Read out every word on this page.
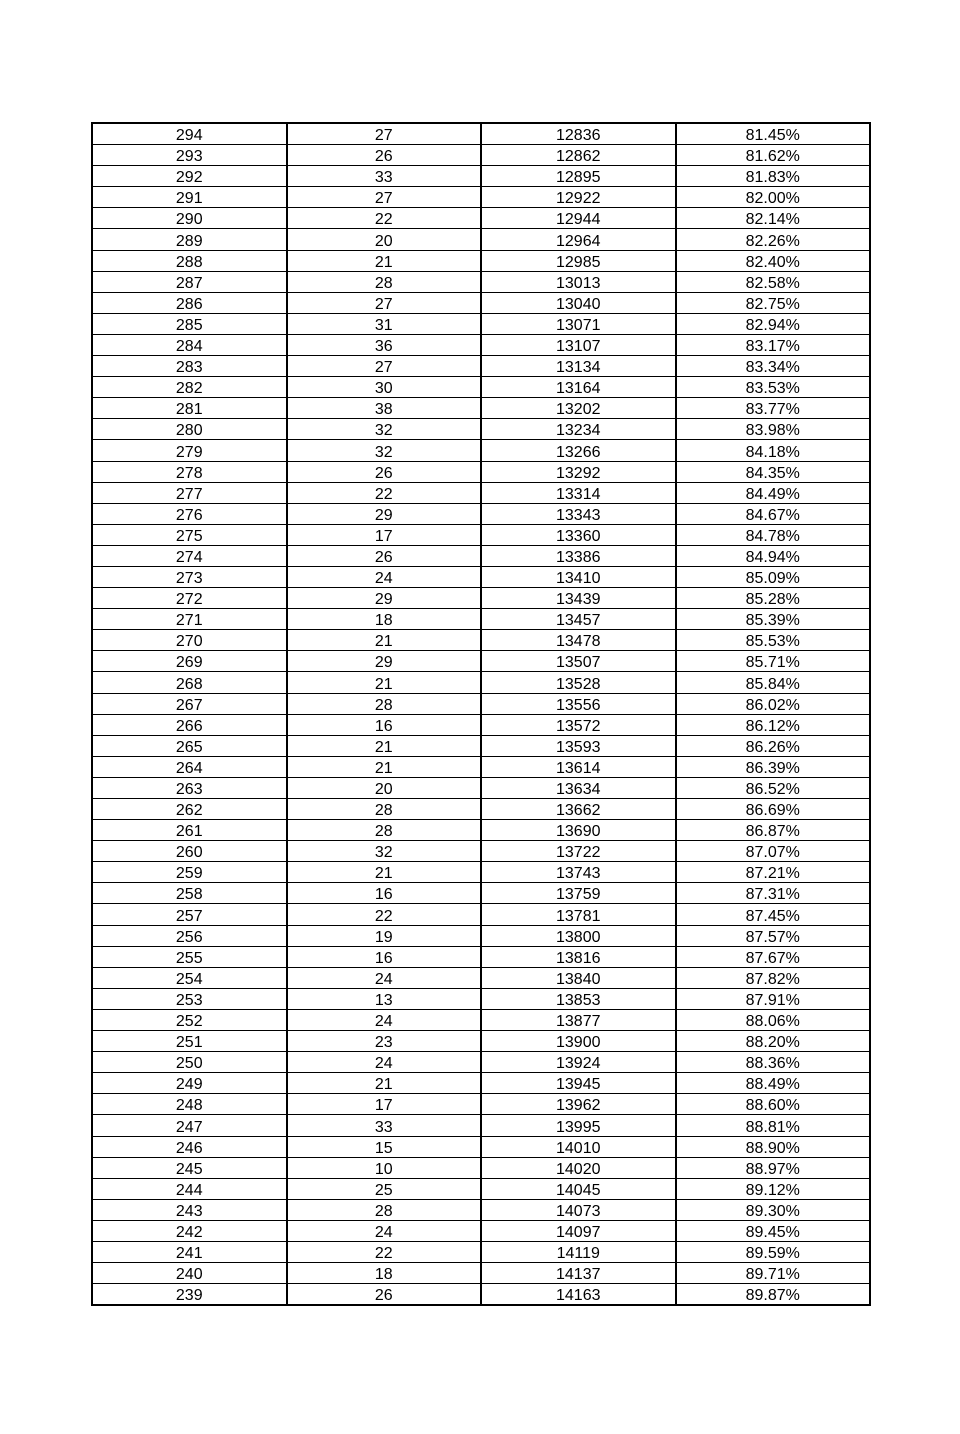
294	27	12836	81.45%
293	26	12862	81.62%
292	33	12895	81.83%
291	27	12922	82.00%
290	22	12944	82.14%
289	20	12964	82.26%
288	21	12985	82.40%
287	28	13013	82.58%
286	27	13040	82.75%
285	31	13071	82.94%
284	36	13107	83.17%
283	27	13134	83.34%
282	30	13164	83.53%
281	38	13202	83.77%
280	32	13234	83.98%
279	32	13266	84.18%
278	26	13292	84.35%
277	22	13314	84.49%
276	29	13343	84.67%
275	17	13360	84.78%
274	26	13386	84.94%
273	24	13410	85.09%
272	29	13439	85.28%
271	18	13457	85.39%
270	21	13478	85.53%
269	29	13507	85.71%
268	21	13528	85.84%
267	28	13556	86.02%
266	16	13572	86.12%
265	21	13593	86.26%
264	21	13614	86.39%
263	20	13634	86.52%
262	28	13662	86.69%
261	28	13690	86.87%
260	32	13722	87.07%
259	21	13743	87.21%
258	16	13759	87.31%
257	22	13781	87.45%
256	19	13800	87.57%
255	16	13816	87.67%
254	24	13840	87.82%
253	13	13853	87.91%
252	24	13877	88.06%
251	23	13900	88.20%
250	24	13924	88.36%
249	21	13945	88.49%
248	17	13962	88.60%
247	33	13995	88.81%
246	15	14010	88.90%
245	10	14020	88.97%
244	25	14045	89.12%
243	28	14073	89.30%
242	24	14097	89.45%
241	22	14119	89.59%
240	18	14137	89.71%
239	26	14163	89.87%
